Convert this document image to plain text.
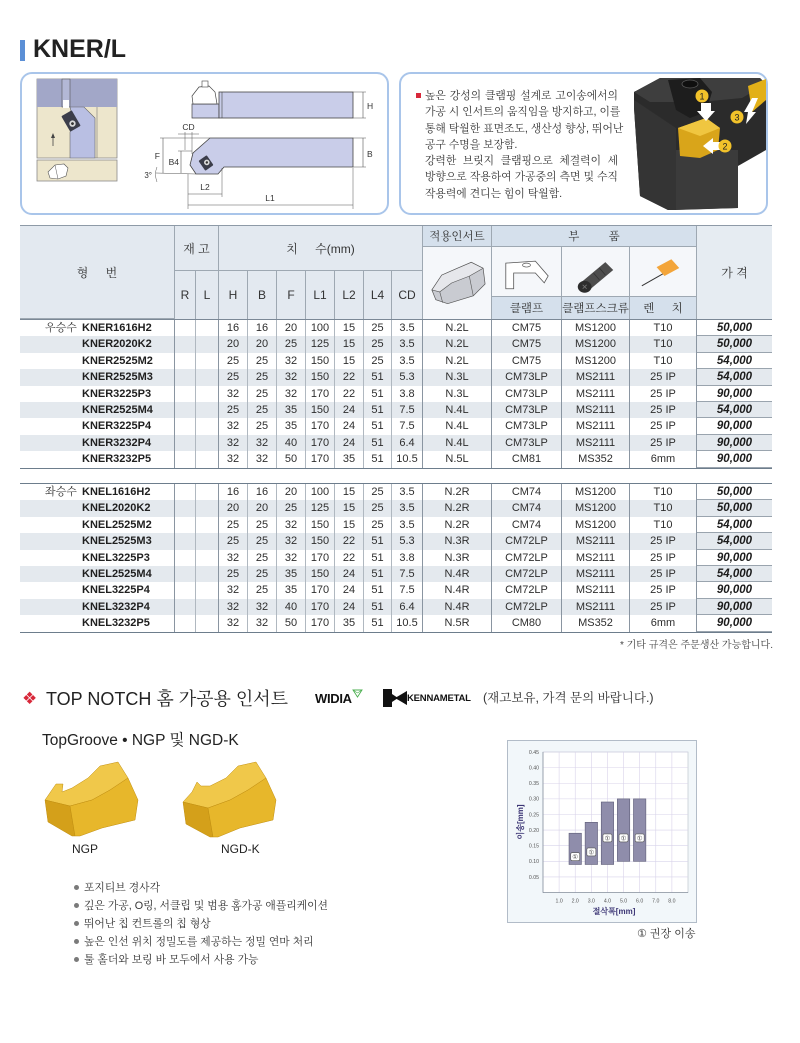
KNER/L
H
B
CD
F
B4
3°
L2
L1
높은 강성의 클램핑 설계로 고이송에서의
가공 시 인서트의 움직임을 방지하고, 이를
통해 탁월한 표면조도, 생산성 향상, 뛰어난
공구 수명을 보장함.
강력한 브릿지 클램핑으로 체결력이 세
방향으로 작용하여 가공중의 측면 및 수직
작용력에 견디는 힘이 탁월함.
1
2
3
형 번
재 고	치 수(mm)
R	L	H	B	F	L1	L2	L4	CD
적용인서트	부 품
클램프	클램프스크류 렌 치
가 격
우승수 KNER1616H2	16	16	20	100	15	25	3.5	N.2L	CM75	MS1200	T10	50,000
KNER2020K2	20	20	25	125	15	25	3.5	N.2L	CM75	MS1200	T10	50,000
KNER2525M2	25	25	32	150	15	25	3.5	N.2L	CM75	MS1200	T10	54,000
KNER2525M3	25	25	32	150	22	51	5.3	N.3L	CM73LP	MS2111	25 IP	54,000
KNER3225P3	32	25	32	170	22	51	3.8	N.3L	CM73LP	MS2111	25 IP	90,000
KNER2525M4	25	25	35	150	24	51	7.5	N.4L	CM73LP	MS2111	25 IP	54,000
KNER3225P4	32	25	35	170	24	51	7.5	N.4L	CM73LP	MS2111	25 IP	90,000
KNER3232P4	32	32	40	170	24	51	6.4	N.4L	CM73LP	MS2111	25 IP	90,000
KNER3232P5	32	32	50	170	35	51	10.5	N.5L	CM81	MS352	6mm	90,000
좌승수 KNEL1616H2	16	16	20	100	15	25	3.5	N.2R	CM74	MS1200	T10	50,000
KNEL2020K2	20	20	25	125	15	25	3.5	N.2R	CM74	MS1200	T10	50,000
KNEL2525M2	25	25	32	150	15	25	3.5	N.2R	CM74	MS1200	T10	54,000
KNEL2525M3	25	25	32	150	22	51	5.3	N.3R	CM72LP	MS2111	25 IP	54,000
KNEL3225P3	32	25	32	170	22	51	3.8	N.3R	CM72LP	MS2111	25 IP	90,000
KNEL2525M4	25	25	35	150	24	51	7.5	N.4R	CM72LP	MS2111	25 IP	54,000
KNEL3225P4	32	25	35	170	24	51	7.5	N.4R	CM72LP	MS2111	25 IP	90,000
KNEL3232P4	32	32	40	170	24	51	6.4	N.4R	CM72LP	MS2111	25 IP	90,000
KNEL3232P5	32	32	50	170	35	51	10.5	N.5R	CM80	MS352	6mm	90,000
* 기타 규격은 주문생산 가능합니다.
❖ TOP NOTCH 홈 가공용 인서트 WIDIA	KENNAMETAL (재고보유, 가격 문의 바랍니다.)
TopGroove • NGP 및 NGD-K
NGP	NGD-K
포지티브 경사각
깊은 가공, O링, 서클립 및 범용 홈가공 애플리케이션
뛰어난 칩 컨트롤의 칩 형상
높은 인선 위치 정밀도를 제공하는 정밀 연마 처리
툴 홀더와 보링 바 모두에서 사용 가능
0.05
0.10
0.15
0.20
0.25
0.30
0.35
0.40
0.45
1.0 2.0 3.0 4.0 5.0 6.0 7.0 8.0
①
①
① ① ①
절삭폭[mm]
이송[mm]
① 권장 이송
